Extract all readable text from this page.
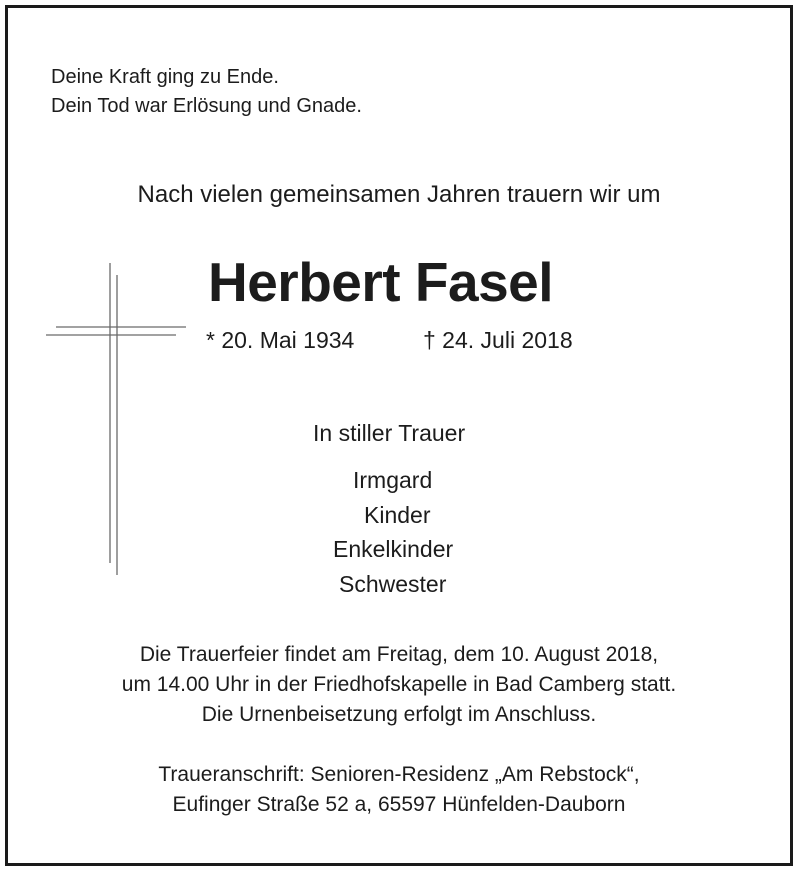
Deine Kraft ging zu Ende.
Dein Tod war Erlösung und Gnade.
Nach vielen gemeinsamen Jahren trauern wir um
Herbert Fasel
* 20. Mai 1934	† 24. Juli 2018
In stiller Trauer
Irmgard
Kinder
Enkelkinder
Schwester
Die Trauerfeier findet am Freitag, dem 10. August 2018,
um 14.00 Uhr in der Friedhofskapelle in Bad Camberg statt.
Die Urnenbeisetzung erfolgt im Anschluss.
Traueranschrift: Senioren-Residenz „Am Rebstock“,
Eufinger Straße 52 a, 65597 Hünfelden-Dauborn
